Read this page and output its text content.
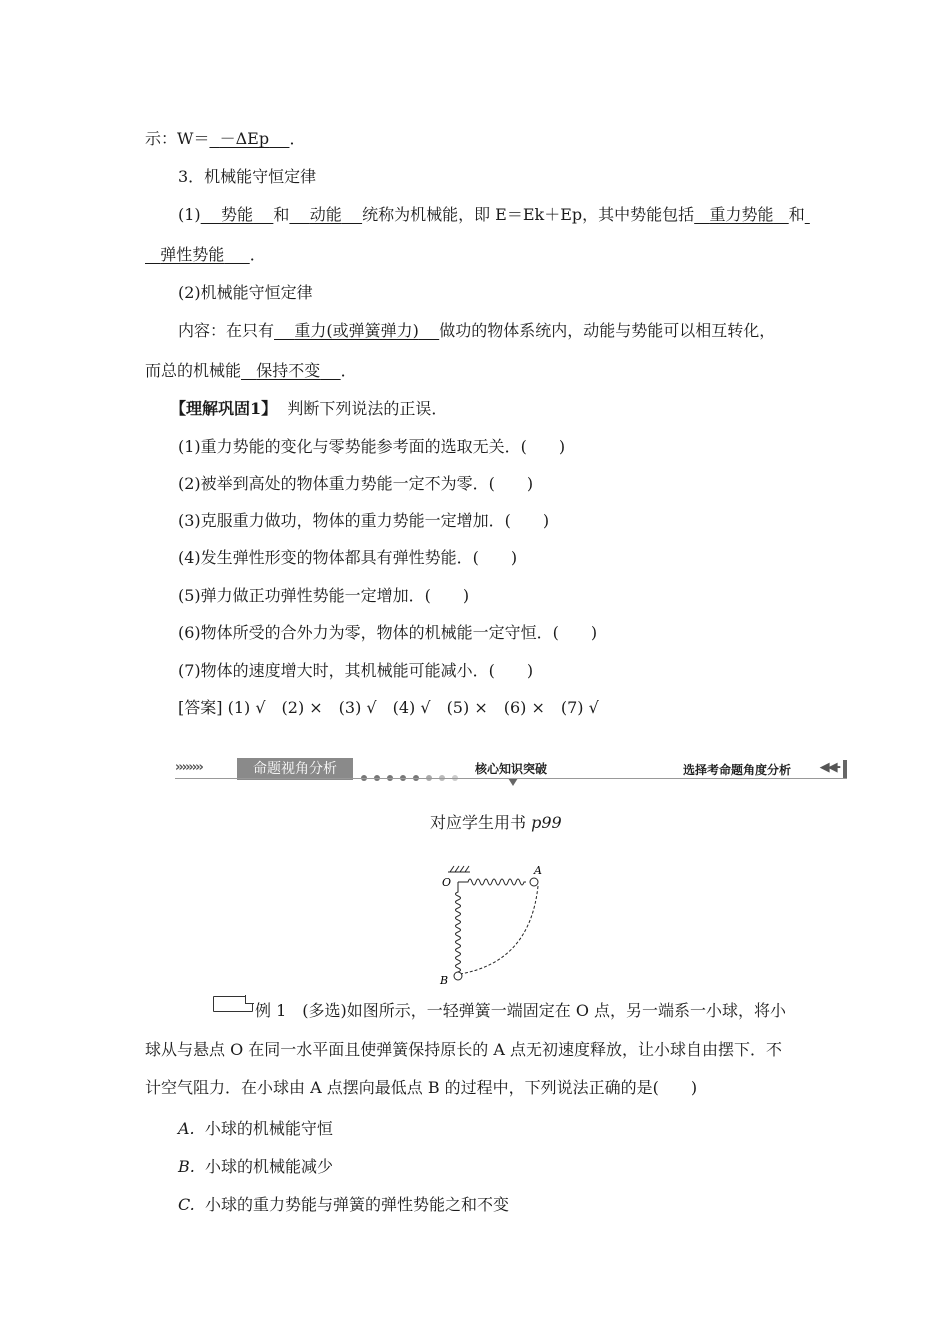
示：W＝ －ΔEp ．
3．机械能守恒定律
(1) 势能 和 动能 统称为机械能，即 E＝Ek＋Ep，其中势能包括 重力势能 和
弹性势能 ．
(2)机械能守恒定律
内容：在只有 重力(或弹簧弹力) 做功的物体系统内，动能与势能可以相互转化，
而总的机械能 保持不变 ．
【理解巩固1】 判断下列说法的正误．
(1)重力势能的变化与零势能参考面的选取无关．(　　)
(2)被举到高处的物体重力势能一定不为零．(　　)
(3)克服重力做功，物体的重力势能一定增加．(　　)
(4)发生弹性形变的物体都具有弹性势能．(　　)
(5)弹力做正功弹性势能一定增加．(　　)
(6)物体所受的合外力为零，物体的机械能一定守恒．(　　)
(7)物体的速度增大时，其机械能可能减小．(　　)
[答案] (1) √　(2) ×　(3) √　(4) √　(5) ×　(6) ×　(7) √
››››››››	命题视角分析	核心知识突破	选择考命题角度分析 ◀◀-
对应学生用书 p99
O
A
B
例 1　(多选)如图所示，一轻弹簧一端固定在 O 点，另一端系一小球，将小
球从与悬点 O 在同一水平面且使弹簧保持原长的 A 点无初速度释放，让小球自由摆下．不
计空气阻力．在小球由 A 点摆向最低点 B 的过程中，下列说法正确的是(　　)
A. 小球的机械能守恒
B. 小球的机械能减少
C. 小球的重力势能与弹簧的弹性势能之和不变
